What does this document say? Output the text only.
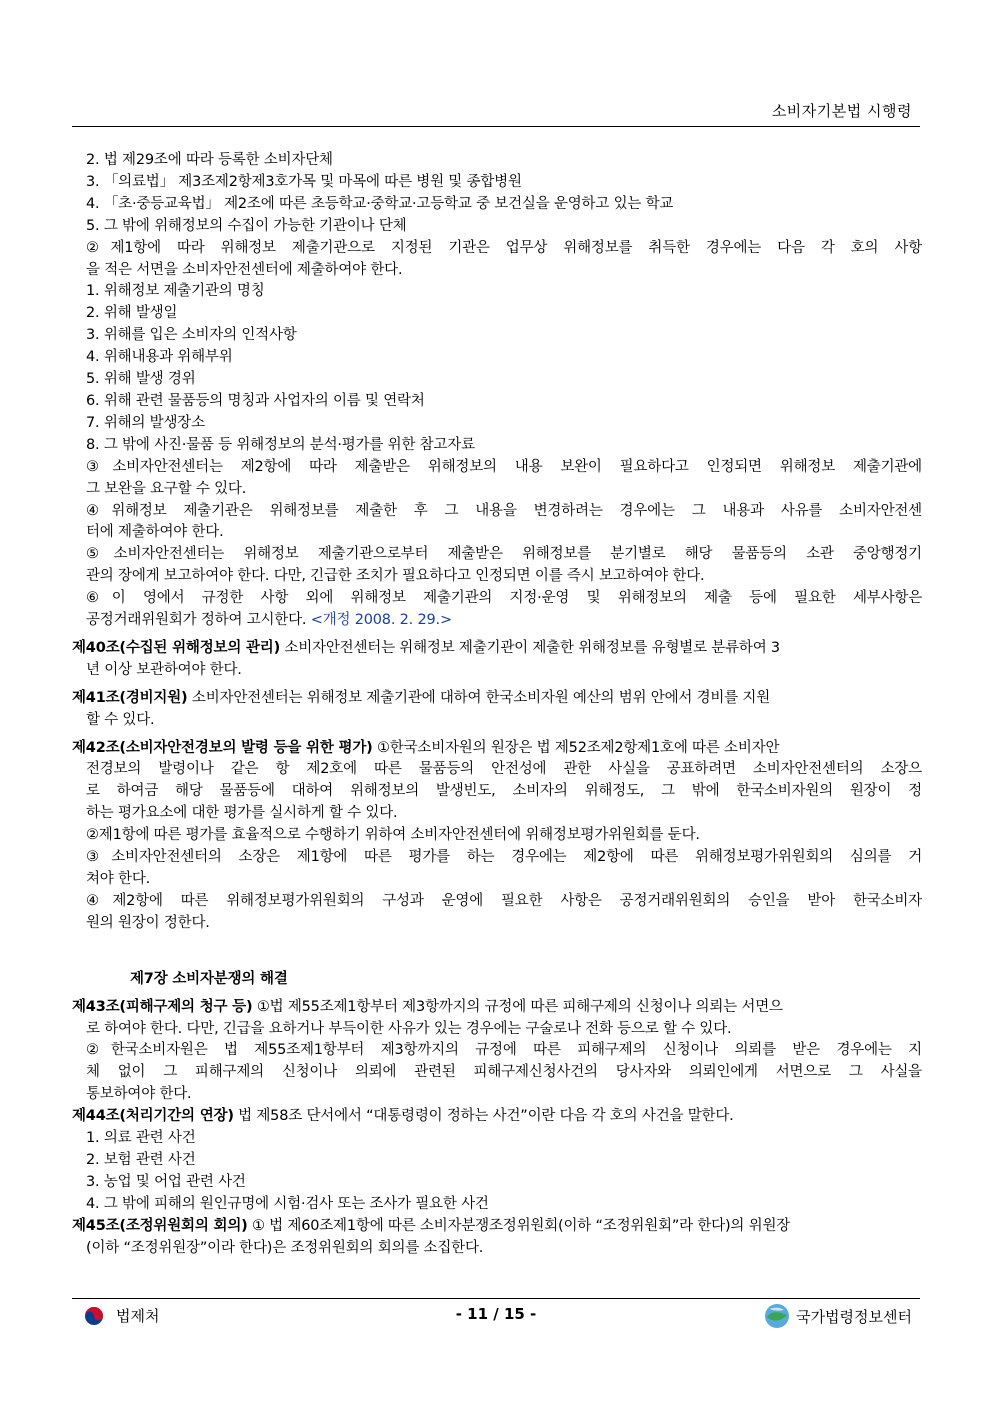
소비자기본법 시행령
2. 법 제29조에 따라 등록한 소비자단체
3. 「의료법」 제3조제2항제3호가목 및 마목에 따른 병원 및 종합병원
4. 「초·중등교육법」 제2조에 따른 초등학교·중학교·고등학교 중 보건실을 운영하고 있는 학교
5. 그 밖에 위해정보의 수집이 가능한 기관이나 단체
②제1항에 따라 위해정보 제출기관으로 지정된 기관은 업무상 위해정보를 취득한 경우에는 다음 각 호의 사항
을 적은 서면을 소비자안전센터에 제출하여야 한다.
1. 위해정보 제출기관의 명칭
2. 위해 발생일
3. 위해를 입은 소비자의 인적사항
4. 위해내용과 위해부위
5. 위해 발생 경위
6. 위해 관련 물품등의 명칭과 사업자의 이름 및 연락처
7. 위해의 발생장소
8. 그 밖에 사진·물품 등 위해정보의 분석·평가를 위한 참고자료
③소비자안전센터는 제2항에 따라 제출받은 위해정보의 내용 보완이 필요하다고 인정되면 위해정보 제출기관에
그 보완을 요구할 수 있다.
④위해정보 제출기관은 위해정보를 제출한 후 그 내용을 변경하려는 경우에는 그 내용과 사유를 소비자안전센
터에 제출하여야 한다.
⑤소비자안전센터는 위해정보 제출기관으로부터 제출받은 위해정보를 분기별로 해당 물품등의 소관 중앙행정기
관의 장에게 보고하여야 한다. 다만, 긴급한 조치가 필요하다고 인정되면 이를 즉시 보고하여야 한다.
⑥이 영에서 규정한 사항 외에 위해정보 제출기관의 지정·운영 및 위해정보의 제출 등에 필요한 세부사항은
공정거래위원회가 정하여 고시한다. <개정 2008. 2. 29.>
제40조(수집된 위해정보의 관리) 소비자안전센터는 위해정보 제출기관이 제출한 위해정보를 유형별로 분류하여 3
년 이상 보관하여야 한다.
제41조(경비지원) 소비자안전센터는 위해정보 제출기관에 대하여 한국소비자원 예산의 범위 안에서 경비를 지원
할 수 있다.
제42조(소비자안전경보의 발령 등을 위한 평가) ①한국소비자원의 원장은 법 제52조제2항제1호에 따른 소비자안
전경보의 발령이나 같은 항 제2호에 따른 물품등의 안전성에 관한 사실을 공표하려면 소비자안전센터의 소장으
로 하여금 해당 물품등에 대하여 위해정보의 발생빈도, 소비자의 위해정도, 그 밖에 한국소비자원의 원장이 정
하는 평가요소에 대한 평가를 실시하게 할 수 있다.
②제1항에 따른 평가를 효율적으로 수행하기 위하여 소비자안전센터에 위해정보평가위원회를 둔다.
③소비자안전센터의 소장은 제1항에 따른 평가를 하는 경우에는 제2항에 따른 위해정보평가위원회의 심의를 거
쳐야 한다.
④제2항에 따른 위해정보평가위원회의 구성과 운영에 필요한 사항은 공정거래위원회의 승인을 받아 한국소비자
원의 원장이 정한다.
제7장 소비자분쟁의 해결
제43조(피해구제의 청구 등) ①법 제55조제1항부터 제3항까지의 규정에 따른 피해구제의 신청이나 의뢰는 서면으
로 하여야 한다. 다만, 긴급을 요하거나 부득이한 사유가 있는 경우에는 구술로나 전화 등으로 할 수 있다.
②한국소비자원은 법 제55조제1항부터 제3항까지의 규정에 따른 피해구제의 신청이나 의뢰를 받은 경우에는 지
체 없이 그 피해구제의 신청이나 의뢰에 관련된 피해구제신청사건의 당사자와 의뢰인에게 서면으로 그 사실을
통보하여야 한다.
제44조(처리기간의 연장) 법 제58조 단서에서 “대통령령이 정하는 사건”이란 다음 각 호의 사건을 말한다.
1. 의료 관련 사건
2. 보험 관련 사건
3. 농업 및 어업 관련 사건
4. 그 밖에 피해의 원인규명에 시험·검사 또는 조사가 필요한 사건
제45조(조정위원회의 회의) ① 법 제60조제1항에 따른 소비자분쟁조정위원회(이하 “조정위원회”라 한다)의 위원장
(이하 “조정위원장”이라 한다)은 조정위원회의 회의를 소집한다.
법제처	- 11 / 15 -	국가법령정보센터
